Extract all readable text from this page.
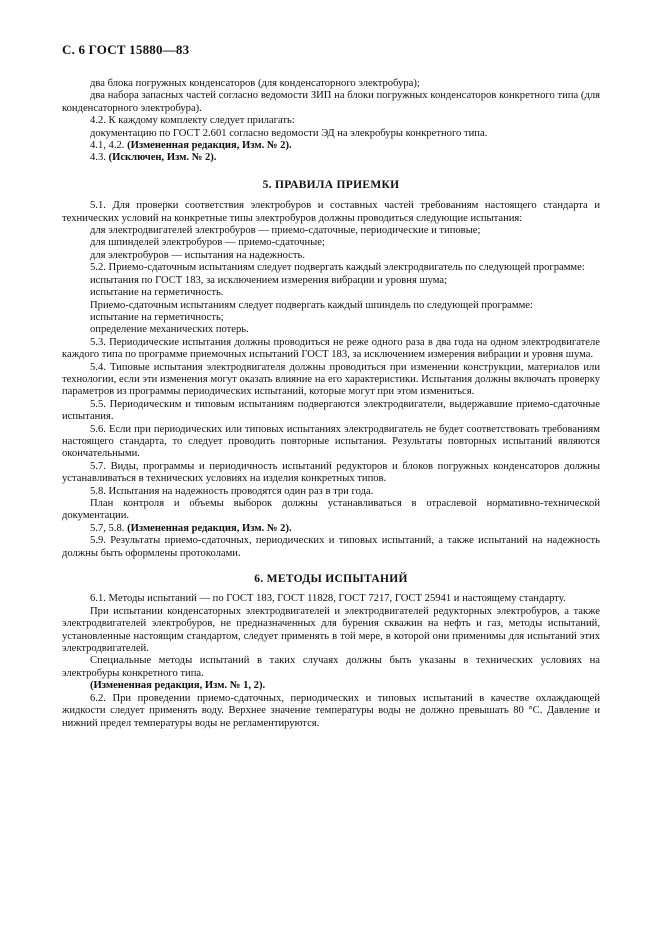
С. 6 ГОСТ 15880—83

два блока погружных конденсаторов (для конденсаторного электробура);

два набора запасных частей согласно ведомости ЗИП на блоки погружных конденсаторов конкретного типа (для конденсаторного электробура).

4.2. К каждому комплекту следует прилагать:

документацию по ГОСТ 2.601 согласно ведомости ЭД на элекробуры конкретного типа.

4.1, 4.2. (Измененная редакция, Изм. № 2).

4.3. (Исключен, Изм. № 2).

5. ПРАВИЛА ПРИЕМКИ

5.1. Для проверки соответствия электробуров и составных частей требованиям настоящего стандарта и технических условий на конкретные типы электробуров должны проводиться следующие испытания:

для электродвигателей электробуров — приемо-сдаточные, периодические и типовые;

для шпинделей электробуров — приемо-сдаточные;

для электробуров — испытания на надежность.

5.2. Приемо-сдаточным испытаниям следует подвергать каждый электродвигатель по следующей программе:

испытания по ГОСТ 183, за исключением измерения вибрации и уровня шума;

испытание на герметичность.

Приемо-сдаточным испытаниям следует подвергать каждый шпиндель по следующей программе:

испытание на герметичность;

определение механических потерь.

5.3. Периодические испытания должны проводиться не реже одного раза в два года на одном электродвигателе каждого типа по программе приемочных испытаний ГОСТ 183, за исключением измерения вибрации и уровня шума.

5.4. Типовые испытания электродвигателя должны проводиться при изменении конструкции, материалов или технологии, если эти изменения могут оказать влияние на его характеристики. Испытания должны включать проверку параметров из программы периодических испытаний, которые могут при этом измениться.

5.5. Периодическим и типовым испытаниям подвергаются электродвигатели, выдержавшие приемо-сдаточные испытания.

5.6. Если при периодических или типовых испытаниях электродвигатель не будет соответствовать требованиям настоящего стандарта, то следует проводить повторные испытания. Результаты повторных испытаний являются окончательными.

5.7. Виды, программы и периодичность испытаний редукторов и блоков погружных конденсаторов должны устанавливаться в технических условиях на изделия конкретных типов.

5.8. Испытания на надежность проводятся один раз в три года.

План контроля и объемы выборок должны устанавливаться в отраслевой нормативно-технической документации.

5.7, 5.8. (Измененная редакция, Изм. № 2).

5.9. Результаты приемо-сдаточных, периодических и типовых испытаний, а также испытаний на надежность должны быть оформлены протоколами.

6. МЕТОДЫ ИСПЫТАНИЙ

6.1. Методы испытаний — по ГОСТ 183, ГОСТ 11828, ГОСТ 7217, ГОСТ 25941 и настоящему стандарту.

При испытании конденсаторных электродвигателей и электродвигателей редукторных электробуров, а также электродвигателей электробуров, не предназначенных для бурения скважин на нефть и газ, методы испытаний, установленные настоящим стандартом, следует применять в той мере, в которой они применимы для испытаний этих электродвигателей.

Специальные методы испытаний в таких случаях должны быть указаны в технических условиях на электробуры конкретного типа.

(Измененная редакция, Изм. № 1, 2).

6.2. При проведении приемо-сдаточных, периодических и типовых испытаний в качестве охлаждающей жидкости следует применять воду. Верхнее значение температуры воды не должно превышать 80 °С. Давление и нижний предел температуры воды не регламентируются.
